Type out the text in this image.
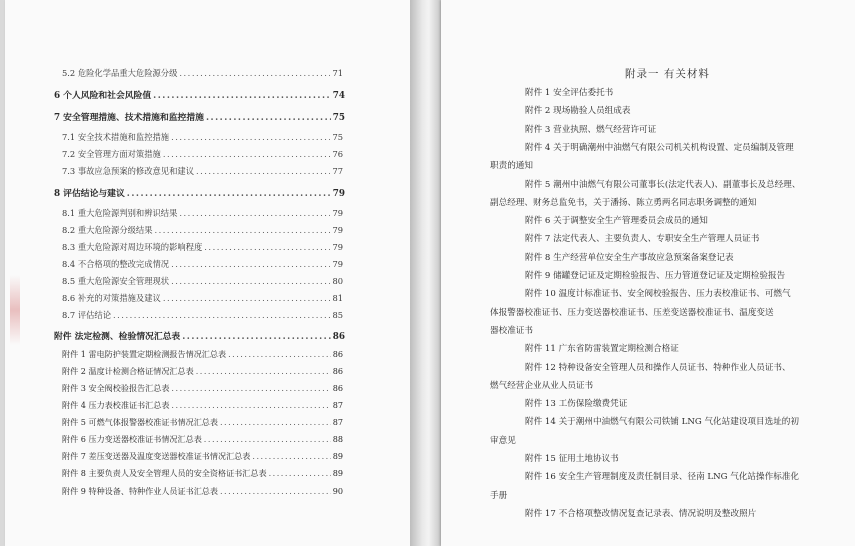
5.2 危险化学品重大危险源分级 .....	71
6 个人风险和社会风险值 .....	74
7 安全管理措施、技术措施和监控措施 .....	75
7.1 安全技术措施和监控措施 .....	75
7.2 安全管理方面对策措施 .....	76
7.3 事故应急预案的修改意见和建议 .....	77
8 评估结论与建议 .....	79
8.1 重大危险源判别和辨识结果 .....	79
8.2 重大危险源分级结果 .....	79
8.3 重大危险源对周边环境的影响程度 .....	79
8.4 不合格项的整改完成情况 .....	79
8.5 重大危险源安全管理现状 .....	80
8.6 补充的对策措施及建议 .....	81
8.7 评估结论 .....	85
附件 法定检测、检验情况汇总表 .....	86
附件 1 雷电防护装置定期检测报告情况汇总表 .....	86
附件 2 温度计检测合格证情况汇总表 .....	86
附件 3 安全阀校验报告汇总表 .....	86
附件 4 压力表校准证书汇总表 .....	87
附件 5 可燃气体报警器校准证书情况汇总表 .....	87
附件 6 压力变送器校准证书情况汇总表 .....	88
附件 7 差压变送器及温度变送器校准证书情况汇总表 .....	89
附件 8 主要负责人及安全管理人员的安全资格证书汇总表 .....	89
附件 9 特种设备、特种作业人员证书汇总表 .....	90
附录一 有关材料
附件 1 安全评估委托书
附件 2 现场勘验人员组成表
附件 3 营业执照、燃气经营许可证
附件 4 关于明确潮州中油燃气有限公司机关机构设置、定员编制及管理
职责的通知
附件 5 潮州中油燃气有限公司董事长(法定代表人)、副董事长及总经理、
副总经理、财务总监免书，关于潘扬、陈立勇两名同志职务调整的通知
附件 6 关于调整安全生产管理委员会成员的通知
附件 7 法定代表人、主要负责人、专职安全生产管理人员证书
附件 8 生产经营单位安全生产事故应急预案备案登记表
附件 9 储罐登记证及定期检验报告、压力管道登记证及定期检验报告
附件 10 温度计标准证书、安全阀校验报告、压力表校准证书、可燃气
体报警器校准证书、压力变送器校准证书、压差变送器校准证书、温度变送
器校准证书
附件 11 广东省防雷装置定期检测合格证
附件 12 特种设备安全管理人员和操作人员证书、特种作业人员证书、
燃气经营企业从业人员证书
附件 13 工伤保险缴费凭证
附件 14 关于潮州中油燃气有限公司铁铺 LNG 气化站建设项目选址的初
审意见
附件 15 征用土地协议书
附件 16 安全生产管理制度及责任制目录、径南 LNG 气化站操作标准化
手册
附件 17 不合格项整改情况复查记录表、情况说明及整改照片
